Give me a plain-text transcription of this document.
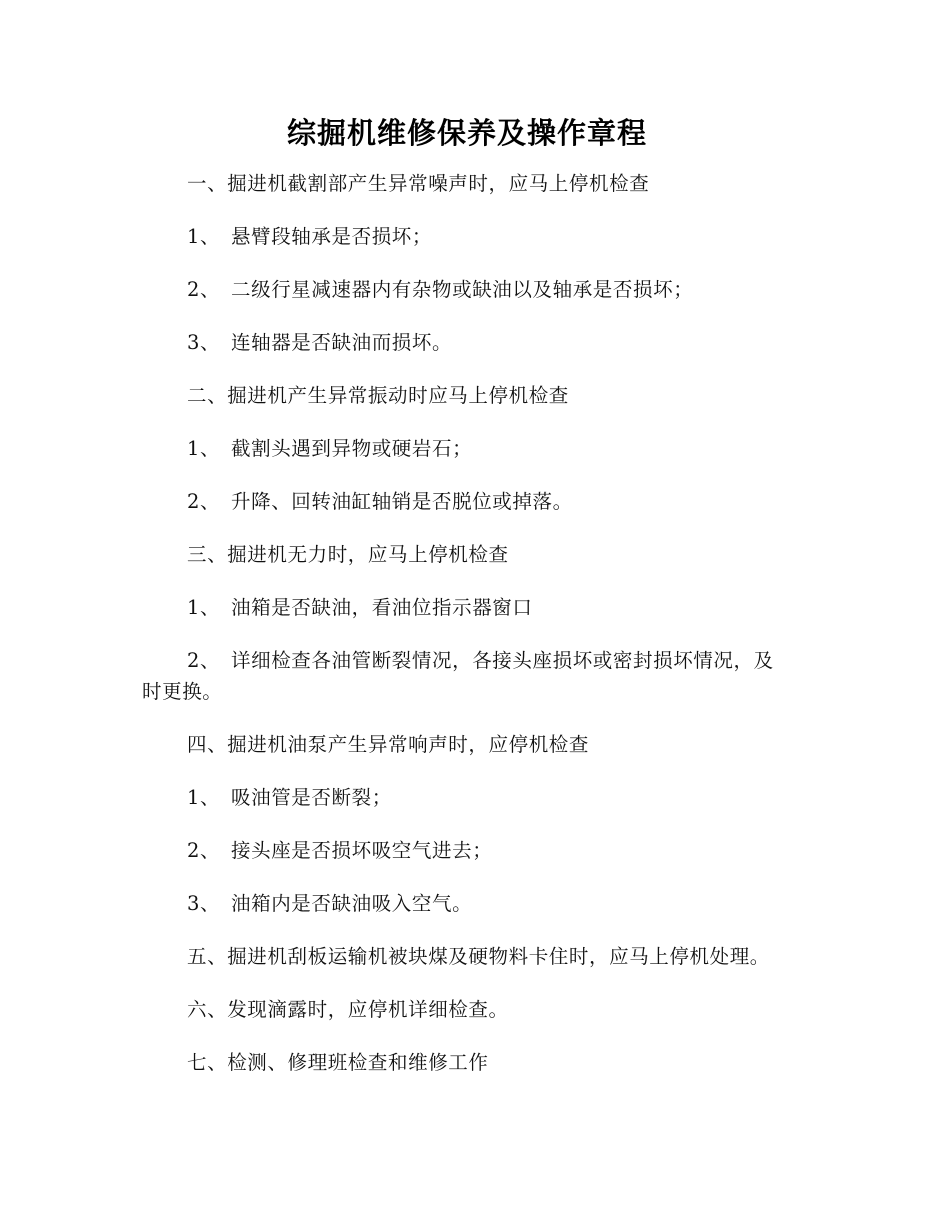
综掘机维修保养及操作章程

一、掘进机截割部产生异常噪声时，应马上停机检查

1、 悬臂段轴承是否损坏；

2、 二级行星减速器内有杂物或缺油以及轴承是否损坏；

3、 连轴器是否缺油而损坏。

二、掘进机产生异常振动时应马上停机检查

1、 截割头遇到异物或硬岩石；

2、 升降、回转油缸轴销是否脱位或掉落。

三、掘进机无力时，应马上停机检查

1、 油箱是否缺油，看油位指示器窗口

2、 详细检查各油管断裂情况，各接头座损坏或密封损坏情况，及时更换。

四、掘进机油泵产生异常响声时，应停机检查

1、 吸油管是否断裂；

2、 接头座是否损坏吸空气进去；

3、 油箱内是否缺油吸入空气。

五、掘进机刮板运输机被块煤及硬物料卡住时，应马上停机处理。

六、发现滴露时，应停机详细检查。

七、检测、修理班检查和维修工作
